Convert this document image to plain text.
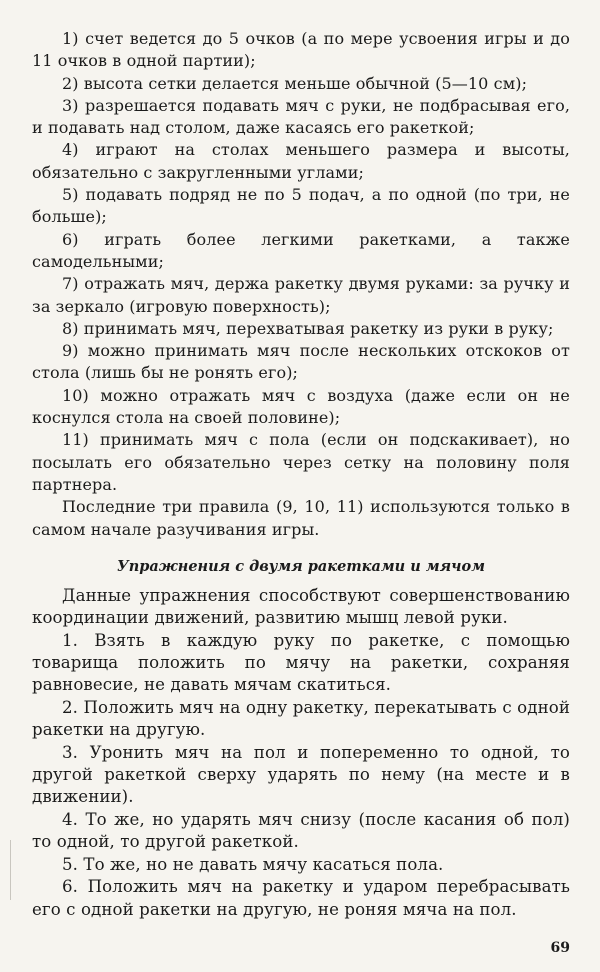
1) счет ведется до 5 очков (а по мере усвоения игры и до 11 очков в одной партии);

2) высота сетки делается меньше обычной (5—10 см);

3) разрешается подавать мяч с руки, не подбрасывая его, и подавать над столом, даже касаясь его ракеткой;

4) играют на столах меньшего размера и высоты, обязательно с закругленными углами;

5) подавать подряд не по 5 подач, а по одной (по три, не больше);

6) играть более легкими ракетками, а также самодельными;

7) отражать мяч, держа ракетку двумя руками: за ручку и за зеркало (игровую поверхность);

8) принимать мяч, перехватывая ракетку из руки в руку;

9) можно принимать мяч после нескольких отскоков от стола (лишь бы не ронять его);

10) можно отражать мяч с воздуха (даже если он не коснулся стола на своей половине);

11) принимать мяч с пола (если он подскакивает), но посылать его обязательно через сетку на половину поля партнера.

Последние три правила (9, 10, 11) используются только в самом начале разучивания игры.

Упражнения с двумя ракетками и мячом

Данные упражнения способствуют совершенствованию координации движений, развитию мышц левой руки.

1. Взять в каждую руку по ракетке, с помощью товарища положить по мячу на ракетки, сохраняя равновесие, не давать мячам скатиться.

2. Положить мяч на одну ракетку, перекатывать с одной ракетки на другую.

3. Уронить мяч на пол и попеременно то одной, то другой ракеткой сверху ударять по нему (на месте и в движении).

4. То же, но ударять мяч снизу (после касания об пол) то одной, то другой ракеткой.

5. То же, но не давать мячу касаться пола.

6. Положить мяч на ракетку и ударом перебрасывать его с одной ракетки на другую, не роняя мяча на пол.

69
